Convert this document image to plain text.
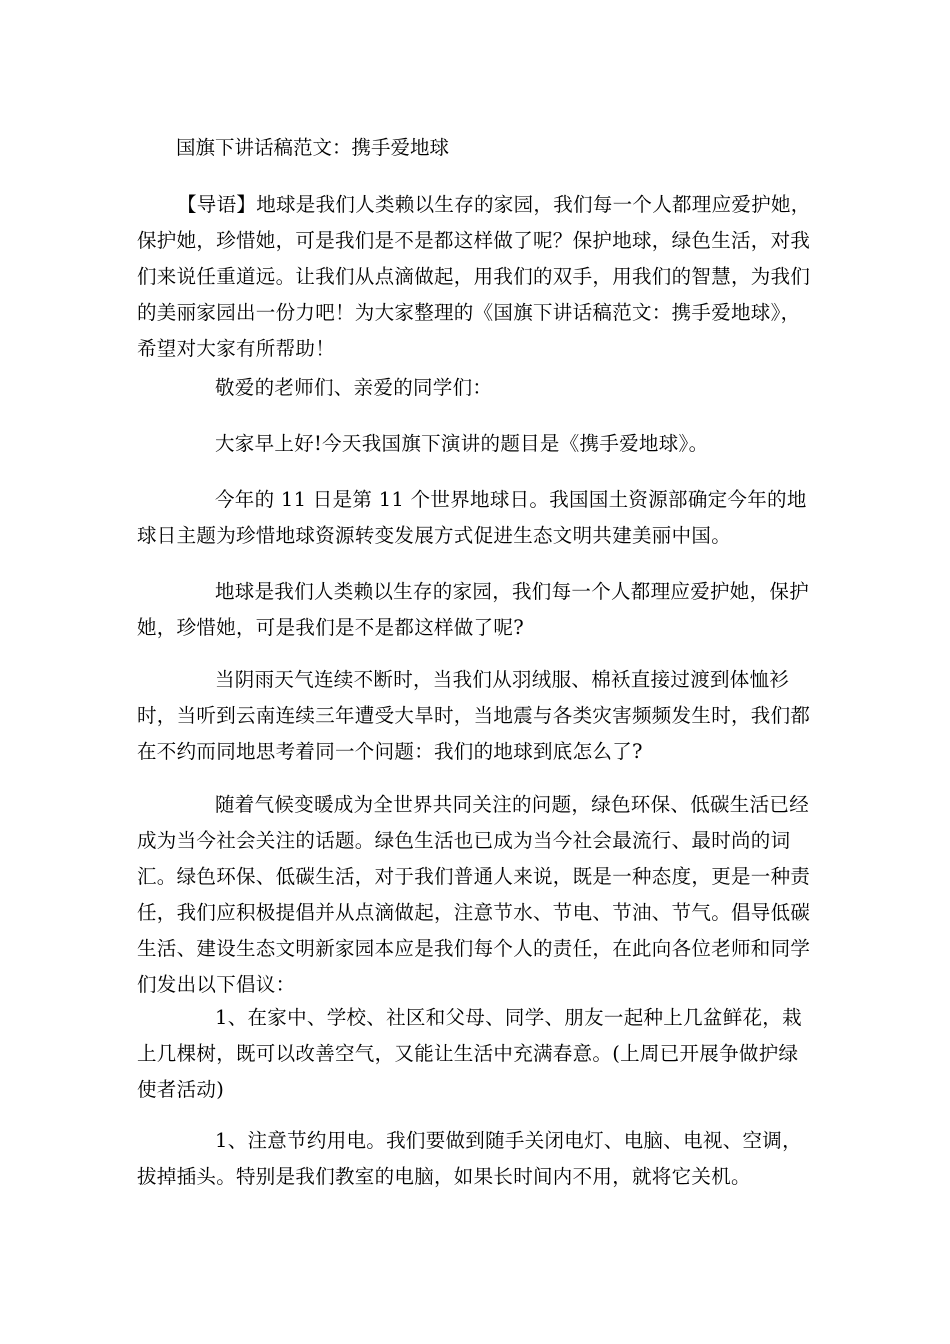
国旗下讲话稿范文：携手爱地球

【导语】地球是我们人类赖以生存的家园，我们每一个人都理应爱护她，保护她，珍惜她，可是我们是不是都这样做了呢？保护地球，绿色生活，对我们来说任重道远。让我们从点滴做起，用我们的双手，用我们的智慧，为我们的美丽家园出一份力吧！为大家整理的《国旗下讲话稿范文：携手爱地球》，希望对大家有所帮助！

敬爱的老师们、亲爱的同学们：

大家早上好!今天我国旗下演讲的题目是《携手爱地球》。

今年的 11 日是第 11 个世界地球日。我国国土资源部确定今年的地球日主题为珍惜地球资源转变发展方式促进生态文明共建美丽中国。

地球是我们人类赖以生存的家园，我们每一个人都理应爱护她，保护她，珍惜她，可是我们是不是都这样做了呢?

当阴雨天气连续不断时，当我们从羽绒服、棉袄直接过渡到体恤衫时，当听到云南连续三年遭受大旱时，当地震与各类灾害频频发生时，我们都在不约而同地思考着同一个问题：我们的地球到底怎么了?

随着气候变暖成为全世界共同关注的问题，绿色环保、低碳生活已经成为当今社会关注的话题。绿色生活也已成为当今社会最流行、最时尚的词汇。绿色环保、低碳生活，对于我们普通人来说，既是一种态度，更是一种责任，我们应积极提倡并从点滴做起，注意节水、节电、节油、节气。倡导低碳生活、建设生态文明新家园本应是我们每个人的责任，在此向各位老师和同学们发出以下倡议：

1、在家中、学校、社区和父母、同学、朋友一起种上几盆鲜花，栽上几棵树，既可以改善空气，又能让生活中充满春意。(上周已开展争做护绿使者活动)

1、注意节约用电。我们要做到随手关闭电灯、电脑、电视、空调，拔掉插头。特别是我们教室的电脑，如果长时间内不用，就将它关机。
